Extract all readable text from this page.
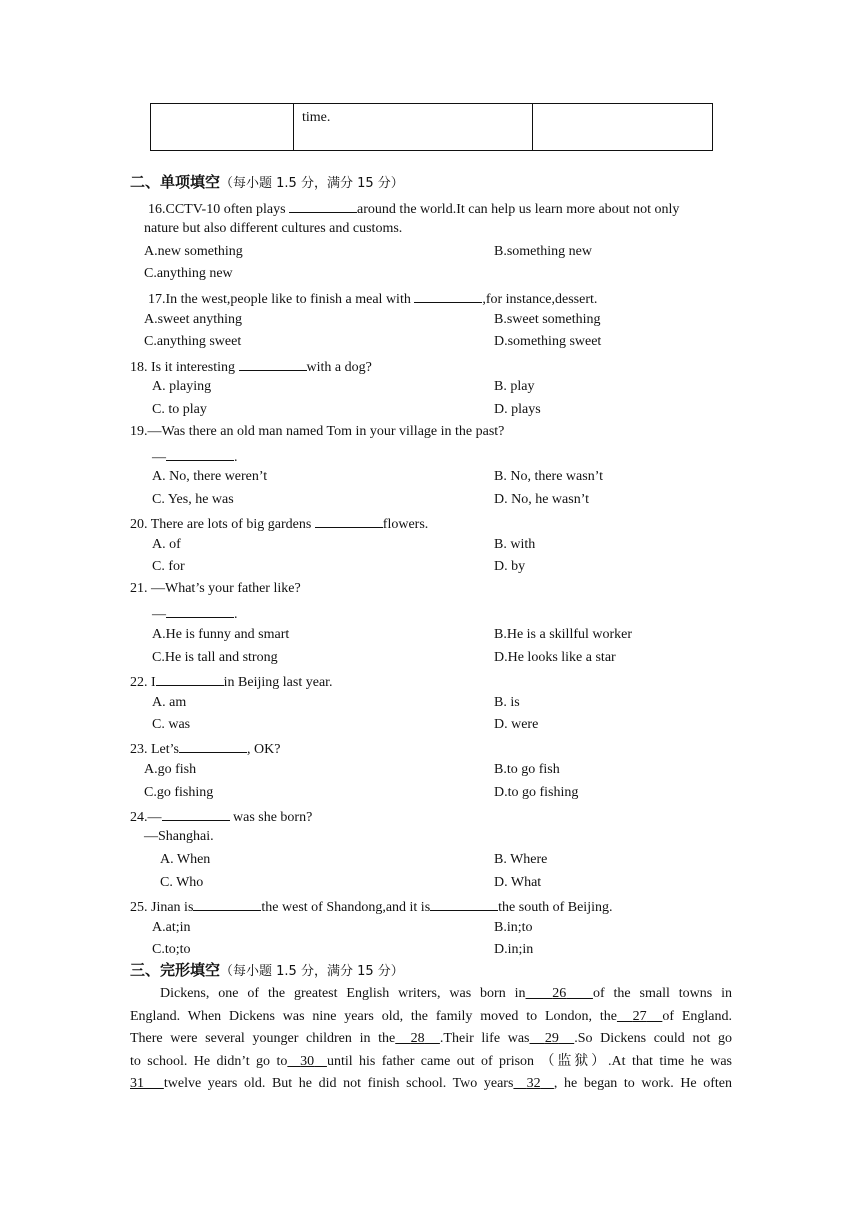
	time.	
二、单项填空（每小题 1.5 分，满分 15 分）
16.CCTV-10 often plays	around the world.It can help us learn more about not only
nature but also different cultures and customs.
A.new something	B.something new
C.anything new
17.In the west,people like to finish a meal with	,for instance,dessert.
A.sweet anything	B.sweet something
C.anything sweet	D.something sweet
18. Is it interesting	with a dog?
A. playing	B. play
C. to play	D. plays
19.—Was there an old man named Tom in your village in the past?
—	.
A. No, there weren’t	B. No, there wasn’t
C. Yes, he was	D. No, he wasn’t
20. There are lots of big gardens	flowers.
A. of	B. with
C. for	D. by
21. —What’s your father like?
—	.
A.He is funny and smart	B.He is a skillful worker
C.He is tall and strong	D.He looks like a star
22. I	in Beijing last year.
A. am	B. is
C. was	D. were
23. Let’s	, OK?
A.go fish	B.to go fish
C.go fishing	D.to go fishing
24.—	was she born?
—Shanghai.
A. When	B. Where
C. Who	D. What
25. Jinan is	the west of Shandong,and it is	the south of Beijing.
A.at;in	B.in;to
C.to;to	D.in;in
三、完形填空（每小题 1.5 分，满分 15 分）
Dickens, one of the greatest English writers, was born in 26 of the small towns in
England. When Dickens was nine years old, the family moved to London, the 27 of England.
There were several younger children in the 28 .Their life was 29 .So Dickens could not go
to school. He didn’t go to 30 until his father came out of prison （监狱）.At that time he was
31 twelve years old. But he did not finish school. Two years 32 , he began to work. He often
